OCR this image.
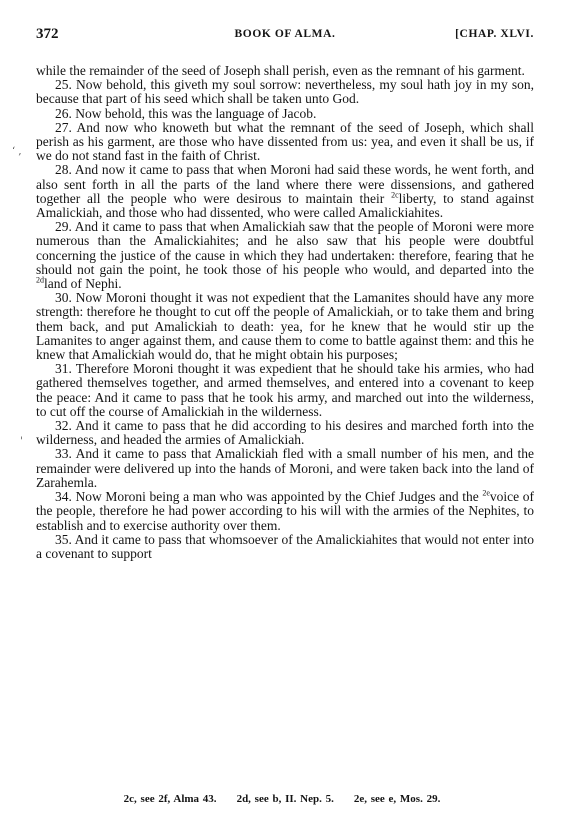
372	BOOK OF ALMA.	[CHAP. XLVI.
‘ ,
'

while the remainder of the seed of Joseph shall perish, even as the remnant of his garment.

25. Now behold, this giveth my soul sorrow: nevertheless, my soul hath joy in my son, because that part of his seed which shall be taken unto God.

26. Now behold, this was the language of Jacob.

27. And now who knoweth but what the remnant of the seed of Joseph, which shall perish as his garment, are those who have dissented from us: yea, and even it shall be us, if we do not stand fast in the faith of Christ.

28. And now it came to pass that when Moroni had said these words, he went forth, and also sent forth in all the parts of the land where there were dissensions, and gathered together all the people who were desirous to maintain their $^{2c}$liberty, to stand against Amalickiah, and those who had dissented, who were called Amalickiahites.

29. And it came to pass that when Amalickiah saw that the people of Moroni were more numerous than the Amalickiahites; and he also saw that his people were doubtful concerning the justice of the cause in which they had undertaken: therefore, fearing that he should not gain the point, he took those of his people who would, and departed into the $^{2d}$land of Nephi.

30. Now Moroni thought it was not expedient that the Lamanites should have any more strength: therefore he thought to cut off the people of Amalickiah, or to take them and bring them back, and put Amalickiah to death: yea, for he knew that he would stir up the Lamanites to anger against them, and cause them to come to battle against them: and this he knew that Amalickiah would do, that he might obtain his purposes;

31. Therefore Moroni thought it was expedient that he should take his armies, who had gathered themselves together, and armed themselves, and entered into a covenant to keep the peace: And it came to pass that he took his army, and marched out into the wilderness, to cut off the course of Amalickiah in the wilderness.

32. And it came to pass that he did according to his desires and marched forth into the wilderness, and headed the armies of Amalickiah.

33. And it came to pass that Amalickiah fled with a small number of his men, and the remainder were delivered up into the hands of Moroni, and were taken back into the land of Zarahemla.

34. Now Moroni being a man who was appointed by the Chief Judges and the $^{2e}$voice of the people, therefore he had power according to his will with the armies of the Nephites, to establish and to exercise authority over them.

35. And it came to pass that whomsoever of the Amalickiahites that would not enter into a covenant to support

2c, see 2f, Alma 43. 2d, see b, II. Nep. 5. 2e, see e, Mos. 29.
